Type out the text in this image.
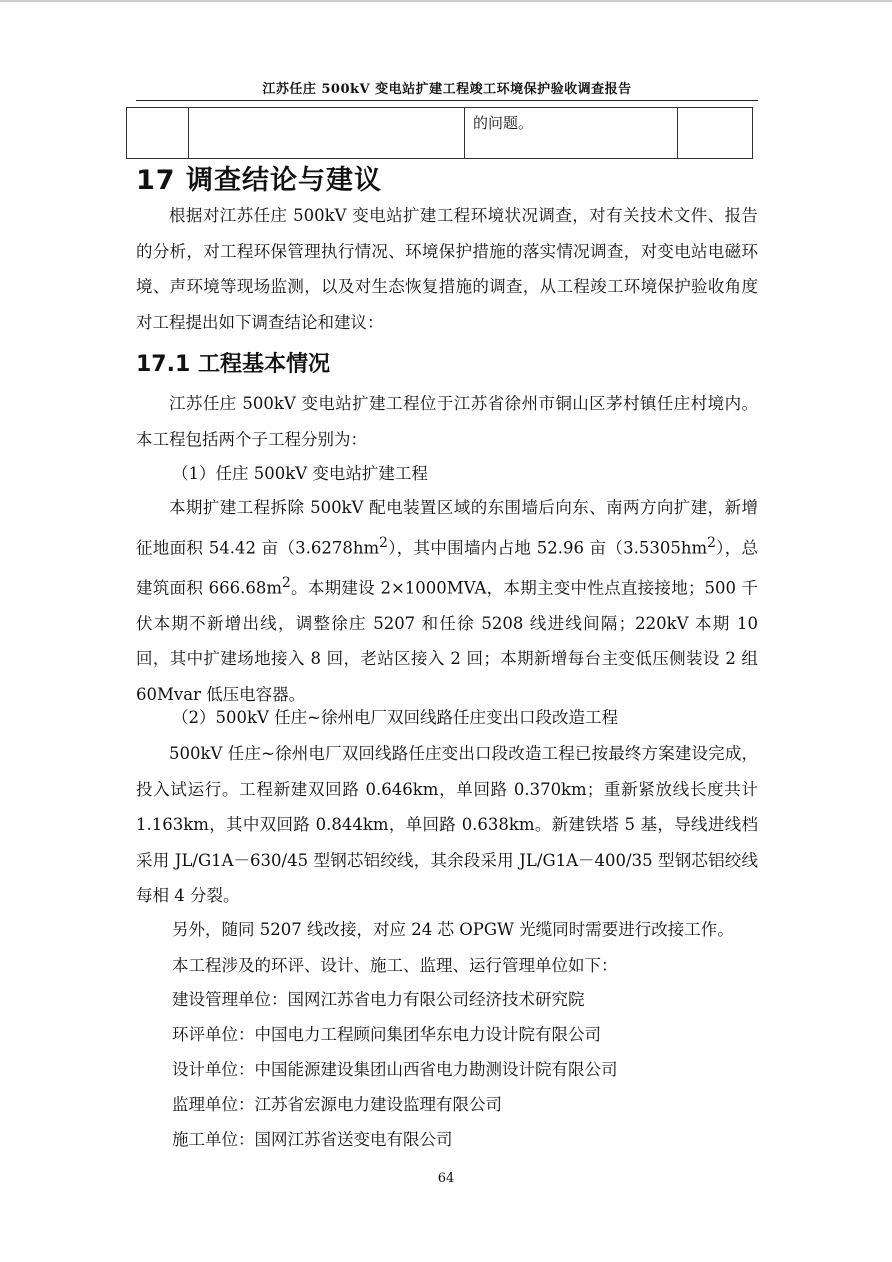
江苏任庄 500kV 变电站扩建工程竣工环境保护验收调查报告
		的问题。	
17 调查结论与建议

根据对江苏任庄 500kV 变电站扩建工程环境状况调查，对有关技术文件、报告的分析，对工程环保管理执行情况、环境保护措施的落实情况调查，对变电站电磁环境、声环境等现场监测，以及对生态恢复措施的调查，从工程竣工环境保护验收角度对工程提出如下调查结论和建议：

17.1 工程基本情况

江苏任庄 500kV 变电站扩建工程位于江苏省徐州市铜山区茅村镇任庄村境内。本工程包括两个子工程分别为：

（1）任庄 500kV 变电站扩建工程

本期扩建工程拆除 500kV 配电装置区域的东围墙后向东、南两方向扩建，新增征地面积 54.42 亩$(3.6278hm^2)$，其中围墙内占地 52.96 亩$(3.5305hm^2)$，总建筑面积 $666.68m^2$。本期建设 2×1000MVA，本期主变中性点直接接地；500 千伏本期不新增出线，调整徐庄 5207 和任徐 5208 线进线间隔；220kV 本期 10 回，其中扩建场地接入 8 回，老站区接入 2 回；本期新增每台主变低压侧装设 2 组 60Mvar 低压电容器。

（2）500kV 任庄~徐州电厂双回线路任庄变出口段改造工程

500kV 任庄~徐州电厂双回线路任庄变出口段改造工程已按最终方案建设完成，投入试运行。工程新建双回路 0.646km，单回路 0.370km；重新紧放线长度共计 1.163km，其中双回路 0.844km，单回路 0.638km。新建铁塔 5 基，导线进线档采用 JL/G1A－630/45 型钢芯铝绞线，其余段采用 JL/G1A－400/35 型钢芯铝绞线每相 4 分裂。

另外，随同 5207 线改接，对应 24 芯 OPGW 光缆同时需要进行改接工作。

本工程涉及的环评、设计、施工、监理、运行管理单位如下：

建设管理单位：国网江苏省电力有限公司经济技术研究院

环评单位：中国电力工程顾问集团华东电力设计院有限公司

设计单位：中国能源建设集团山西省电力勘测设计院有限公司

监理单位：江苏省宏源电力建设监理有限公司

施工单位：国网江苏省送变电有限公司

64
